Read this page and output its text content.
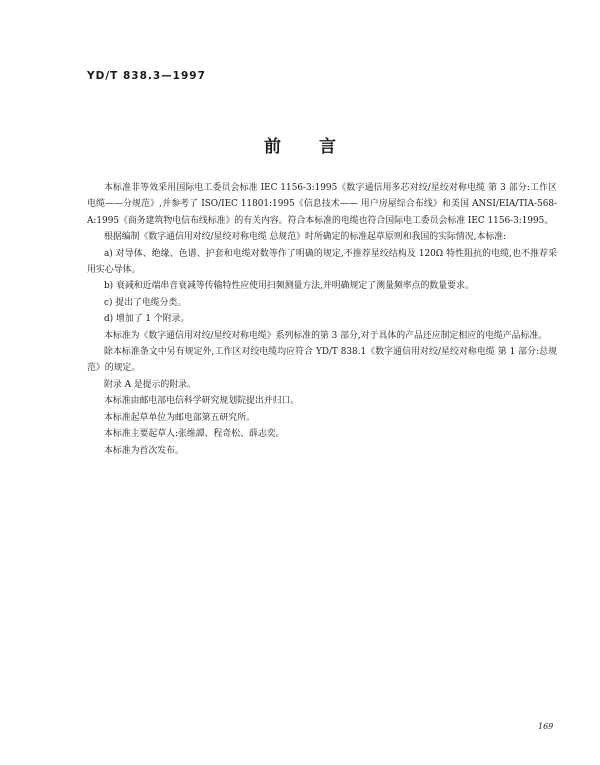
YD/T 838.3—1997
前言

本标准非等效采用国际电工委员会标准 IEC 1156-3:1995《数字通信用多芯对绞/星绞对称电缆 第 3 部分:工作区电缆——分规范》,并参考了 ISO/IEC 11801:1995《信息技术—— 用户房屋综合布线》和美国 ANSI/EIA/TIA-568-A:1995《商务建筑物电信布线标准》的有关内容。符合本标准的电缆也符合国际电工委员会标准 IEC 1156-3:1995。

根据编制《数字通信用对绞/星绞对称电缆 总规范》时所确定的标准起草原则和我国的实际情况,本标准:

a) 对导体、绝缘、色谱、护套和电缆对数等作了明确的规定,不推荐星绞结构及 120Ω 特性阻抗的电缆,也不推荐采用实心导体。

b) 衰减和近端串音衰减等传输特性应使用扫频测量方法,并明确规定了测量频率点的数量要求。

c) 提出了电缆分类。

d) 增加了 1 个附录。

本标准为《数字通信用对绞/星绞对称电缆》系列标准的第 3 部分,对于具体的产品还应制定相应的电缆产品标准。

除本标准条文中另有规定外,工作区对绞电缆均应符合 YD/T 838.1《数字通信用对绞/星绞对称电缆 第 1 部分:总规范》的规定。

附录 A 是提示的附录。

本标准由邮电部电信科学研究规划院提出并归口。

本标准起草单位为邮电部第五研究所。

本标准主要起草人:张维譚、程奇松、薛志奕。

本标准为首次发布。

169
